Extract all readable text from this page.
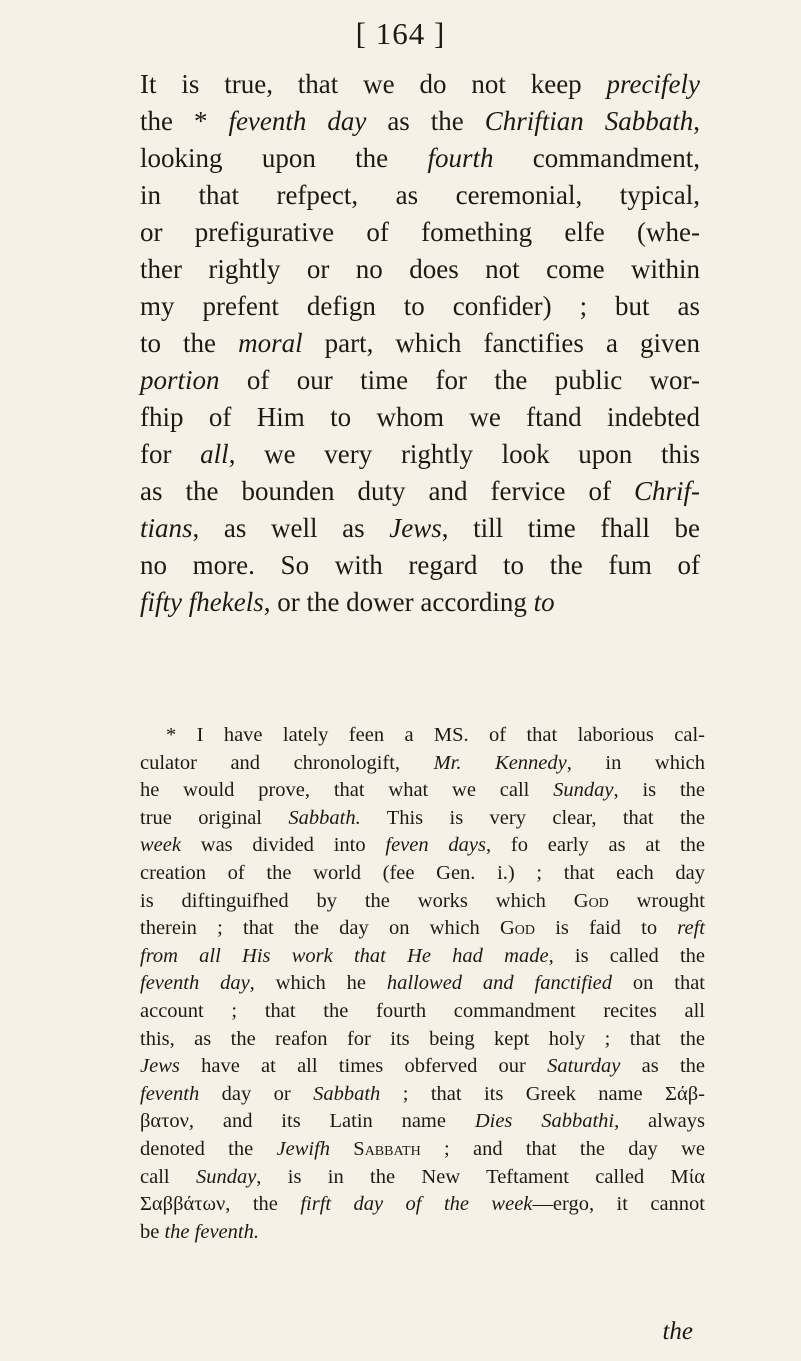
[ 164 ]
It is true, that we do not keep precifely
the * feventh day as the Chriftian Sabbath,
looking upon the fourth commandment,
in that refpect, as ceremonial, typical,
or prefigurative of fomething elfe (whe-
ther rightly or no does not come within
my prefent defign to confider) ; but as
to the moral part, which fanctifies a given
portion of our time for the public wor-
fhip of Him to whom we ftand indebted
for all, we very rightly look upon this
as the bounden duty and fervice of Chrif-
tians, as well as Jews, till time fhall be
no more. So with regard to the fum of
fifty fhekels, or the dower according to
* I have lately feen a MS. of that laborious cal-
culator and chronologift, Mr. Kennedy, in which
he would prove, that what we call Sunday, is the
true original Sabbath. This is very clear, that the
week was divided into feven days, fo early as at the
creation of the world (fee Gen. i.) ; that each day
is diftinguifhed by the works which God wrought
therein ; that the day on which God is faid to reft
from all His work that He had made, is called the
feventh day, which he hallowed and fanctified on that
account ; that the fourth commandment recites all
this, as the reafon for its being kept holy ; that the
Jews have at all times obferved our Saturday as the
feventh day or Sabbath ; that its Greek name Σάβ-
βατον, and its Latin name Dies Sabbathi, always
denoted the Jewifh Sabbath ; and that the day we
call Sunday, is in the New Teftament called Μία
Σαββάτων, the firft day of the week—ergo, it cannot
be the feventh.
the
